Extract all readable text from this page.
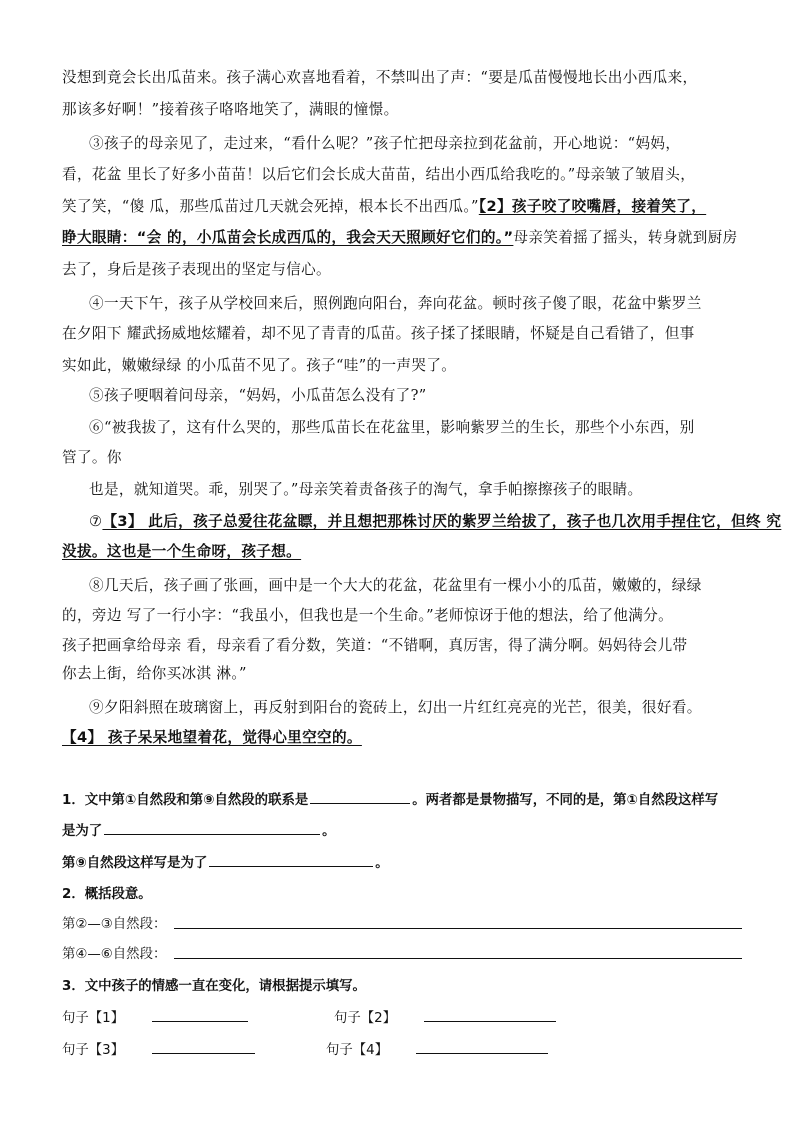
没想到竟会长出瓜苗来。孩子满心欢喜地看着，不禁叫出了声：“要是瓜苗慢慢地长出小西瓜来，
那该多好啊！”接着孩子咯咯地笑了，满眼的憧憬。
③孩子的母亲见了，走过来，“看什么呢？”孩子忙把母亲拉到花盆前，开心地说：“妈妈，
看，花盆 里长了好多小苗苗！以后它们会长成大苗苗，结出小西瓜给我吃的。”母亲皱了皱眉头，
笑了笑，“傻 瓜，那些瓜苗过几天就会死掉，根本长不出西瓜。”【2】孩子咬了咬嘴唇，接着笑了，
睁大眼睛：“会 的，小瓜苗会长成西瓜的，我会天天照顾好它们的。”母亲笑着摇了摇头，转身就到厨房
去了，身后是孩子表现出的坚定与信心。
④一天下午，孩子从学校回来后，照例跑向阳台，奔向花盆。顿时孩子傻了眼，花盆中紫罗兰
在夕阳下 耀武扬威地炫耀着，却不见了青青的瓜苗。孩子揉了揉眼睛，怀疑是自己看错了，但事
实如此，嫩嫩绿绿 的小瓜苗不见了。孩子“哇”的一声哭了。
⑤孩子哽咽着问母亲，“妈妈，小瓜苗怎么没有了?”
⑥“被我拔了，这有什么哭的，那些瓜苗长在花盆里，影响紫罗兰的生长，那些个小东西，别
管了。你
也是，就知道哭。乖，别哭了。”母亲笑着责备孩子的淘气，拿手帕擦擦孩子的眼睛。
⑦【3】 此后，孩子总爱往花盆瞟，并且想把那株讨厌的紫罗兰给拔了，孩子也几次用手捏住它，但终 究
没拔。这也是一个生命呀，孩子想。
⑧几天后，孩子画了张画，画中是一个大大的花盆，花盆里有一棵小小的瓜苗，嫩嫩的，绿绿
的，旁边 写了一行小字：“我虽小，但我也是一个生命。”老师惊讶于他的想法，给了他满分。
孩子把画拿给母亲 看，母亲看了看分数，笑道：“不错啊，真厉害，得了满分啊。妈妈待会儿带
你去上街，给你买冰淇 淋。”
⑨夕阳斜照在玻璃窗上，再反射到阳台的瓷砖上，幻出一片红红亮亮的光芒，很美，很好看。
【4】 孩子呆呆地望着花，觉得心里空空的。
1．文中第①自然段和第⑨自然段的联系是	。两者都是景物描写，不同的是，第①自然段这样写
是为了	。
第⑨自然段这样写是为了	。
2．概括段意。
第②—③自然段：
第④—⑥自然段：
3．文中孩子的情感一直在变化，请根据提示填写。
句子【1】	句子【2】
句子【3】	句子【4】
